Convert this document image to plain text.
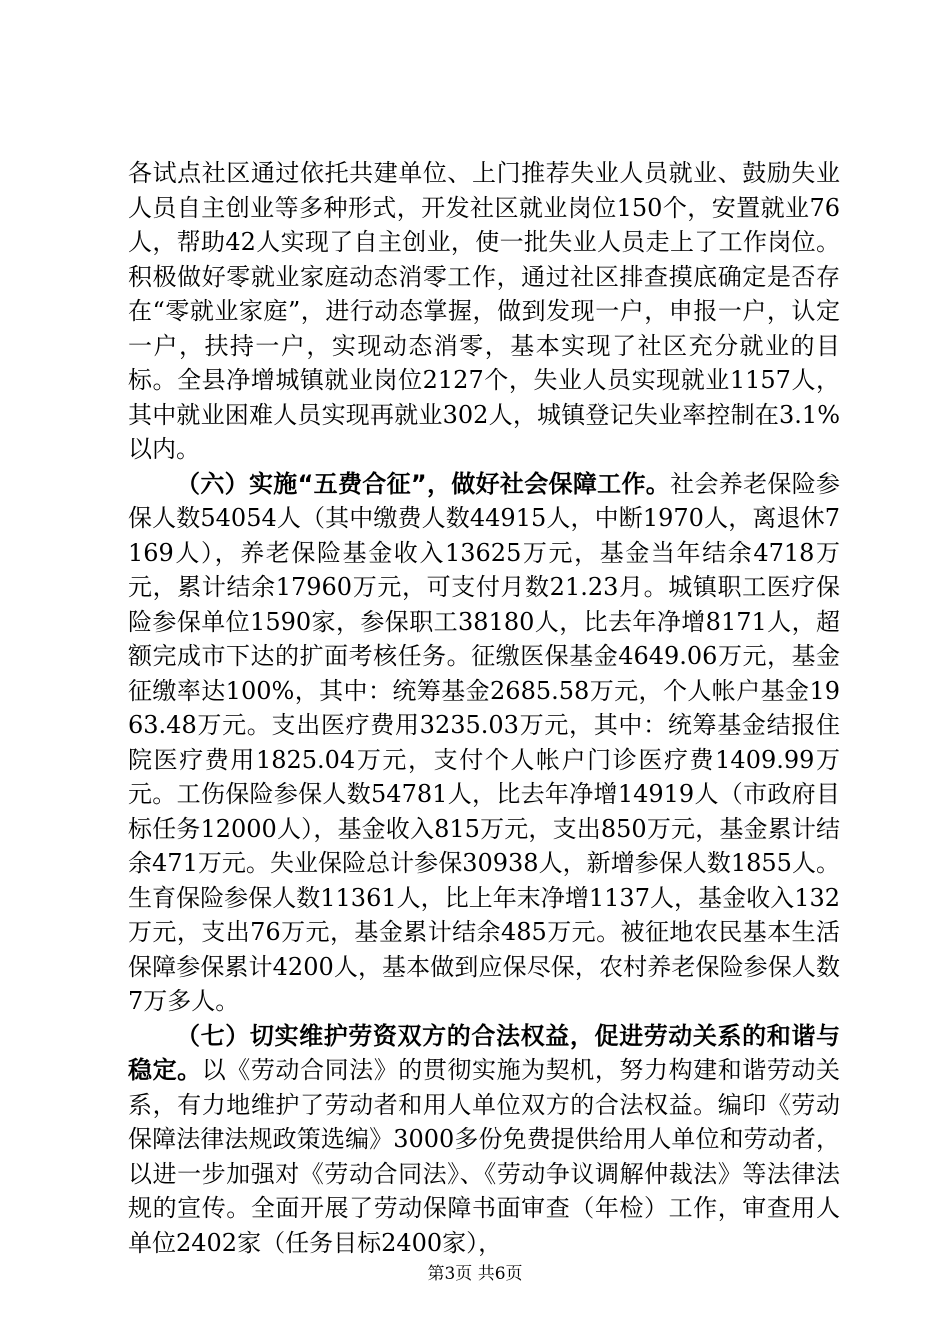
各试点社区通过依托共建单位、上门推荐失业人员就业、鼓励失业人员自主创业等多种形式，开发社区就业岗位150个，安置就业76人，帮助42人实现了自主创业，使一批失业人员走上了工作岗位。积极做好零就业家庭动态消零工作，通过社区排查摸底确定是否存在“零就业家庭”，进行动态掌握，做到发现一户，申报一户，认定一户，扶持一户，实现动态消零，基本实现了社区充分就业的目标。全县净增城镇就业岗位2127个，失业人员实现就业1157人，其中就业困难人员实现再就业302人，城镇登记失业率控制在3.1%以内。

（六）实施“五费合征”，做好社会保障工作。社会养老保险参保人数54054人（其中缴费人数44915人，中断1970人，离退休7169人），养老保险基金收入13625万元，基金当年结余4718万元，累计结余17960万元，可支付月数21.23月。城镇职工医疗保险参保单位1590家，参保职工38180人，比去年净增8171人，超额完成市下达的扩面考核任务。征缴医保基金4649.06万元，基金征缴率达100%，其中：统筹基金2685.58万元，个人帐户基金1963.48万元。支出医疗费用3235.03万元，其中：统筹基金结报住院医疗费用1825.04万元，支付个人帐户门诊医疗费1409.99万元。工伤保险参保人数54781人，比去年净增14919人（市政府目标任务12000人），基金收入815万元，支出850万元，基金累计结余471万元。失业保险总计参保30938人，新增参保人数1855人。生育保险参保人数11361人，比上年末净增1137人，基金收入132万元，支出76万元，基金累计结余485万元。被征地农民基本生活保障参保累计4200人，基本做到应保尽保，农村养老保险参保人数7万多人。

（七）切实维护劳资双方的合法权益，促进劳动关系的和谐与稳定。以《劳动合同法》的贯彻实施为契机，努力构建和谐劳动关系，有力地维护了劳动者和用人单位双方的合法权益。编印《劳动保障法律法规政策选编》3000多份免费提供给用人单位和劳动者，以进一步加强对《劳动合同法》、《劳动争议调解仲裁法》等法律法规的宣传。全面开展了劳动保障书面审查（年检）工作，审查用人单位2402家（任务目标2400家），

第3页 共6页
